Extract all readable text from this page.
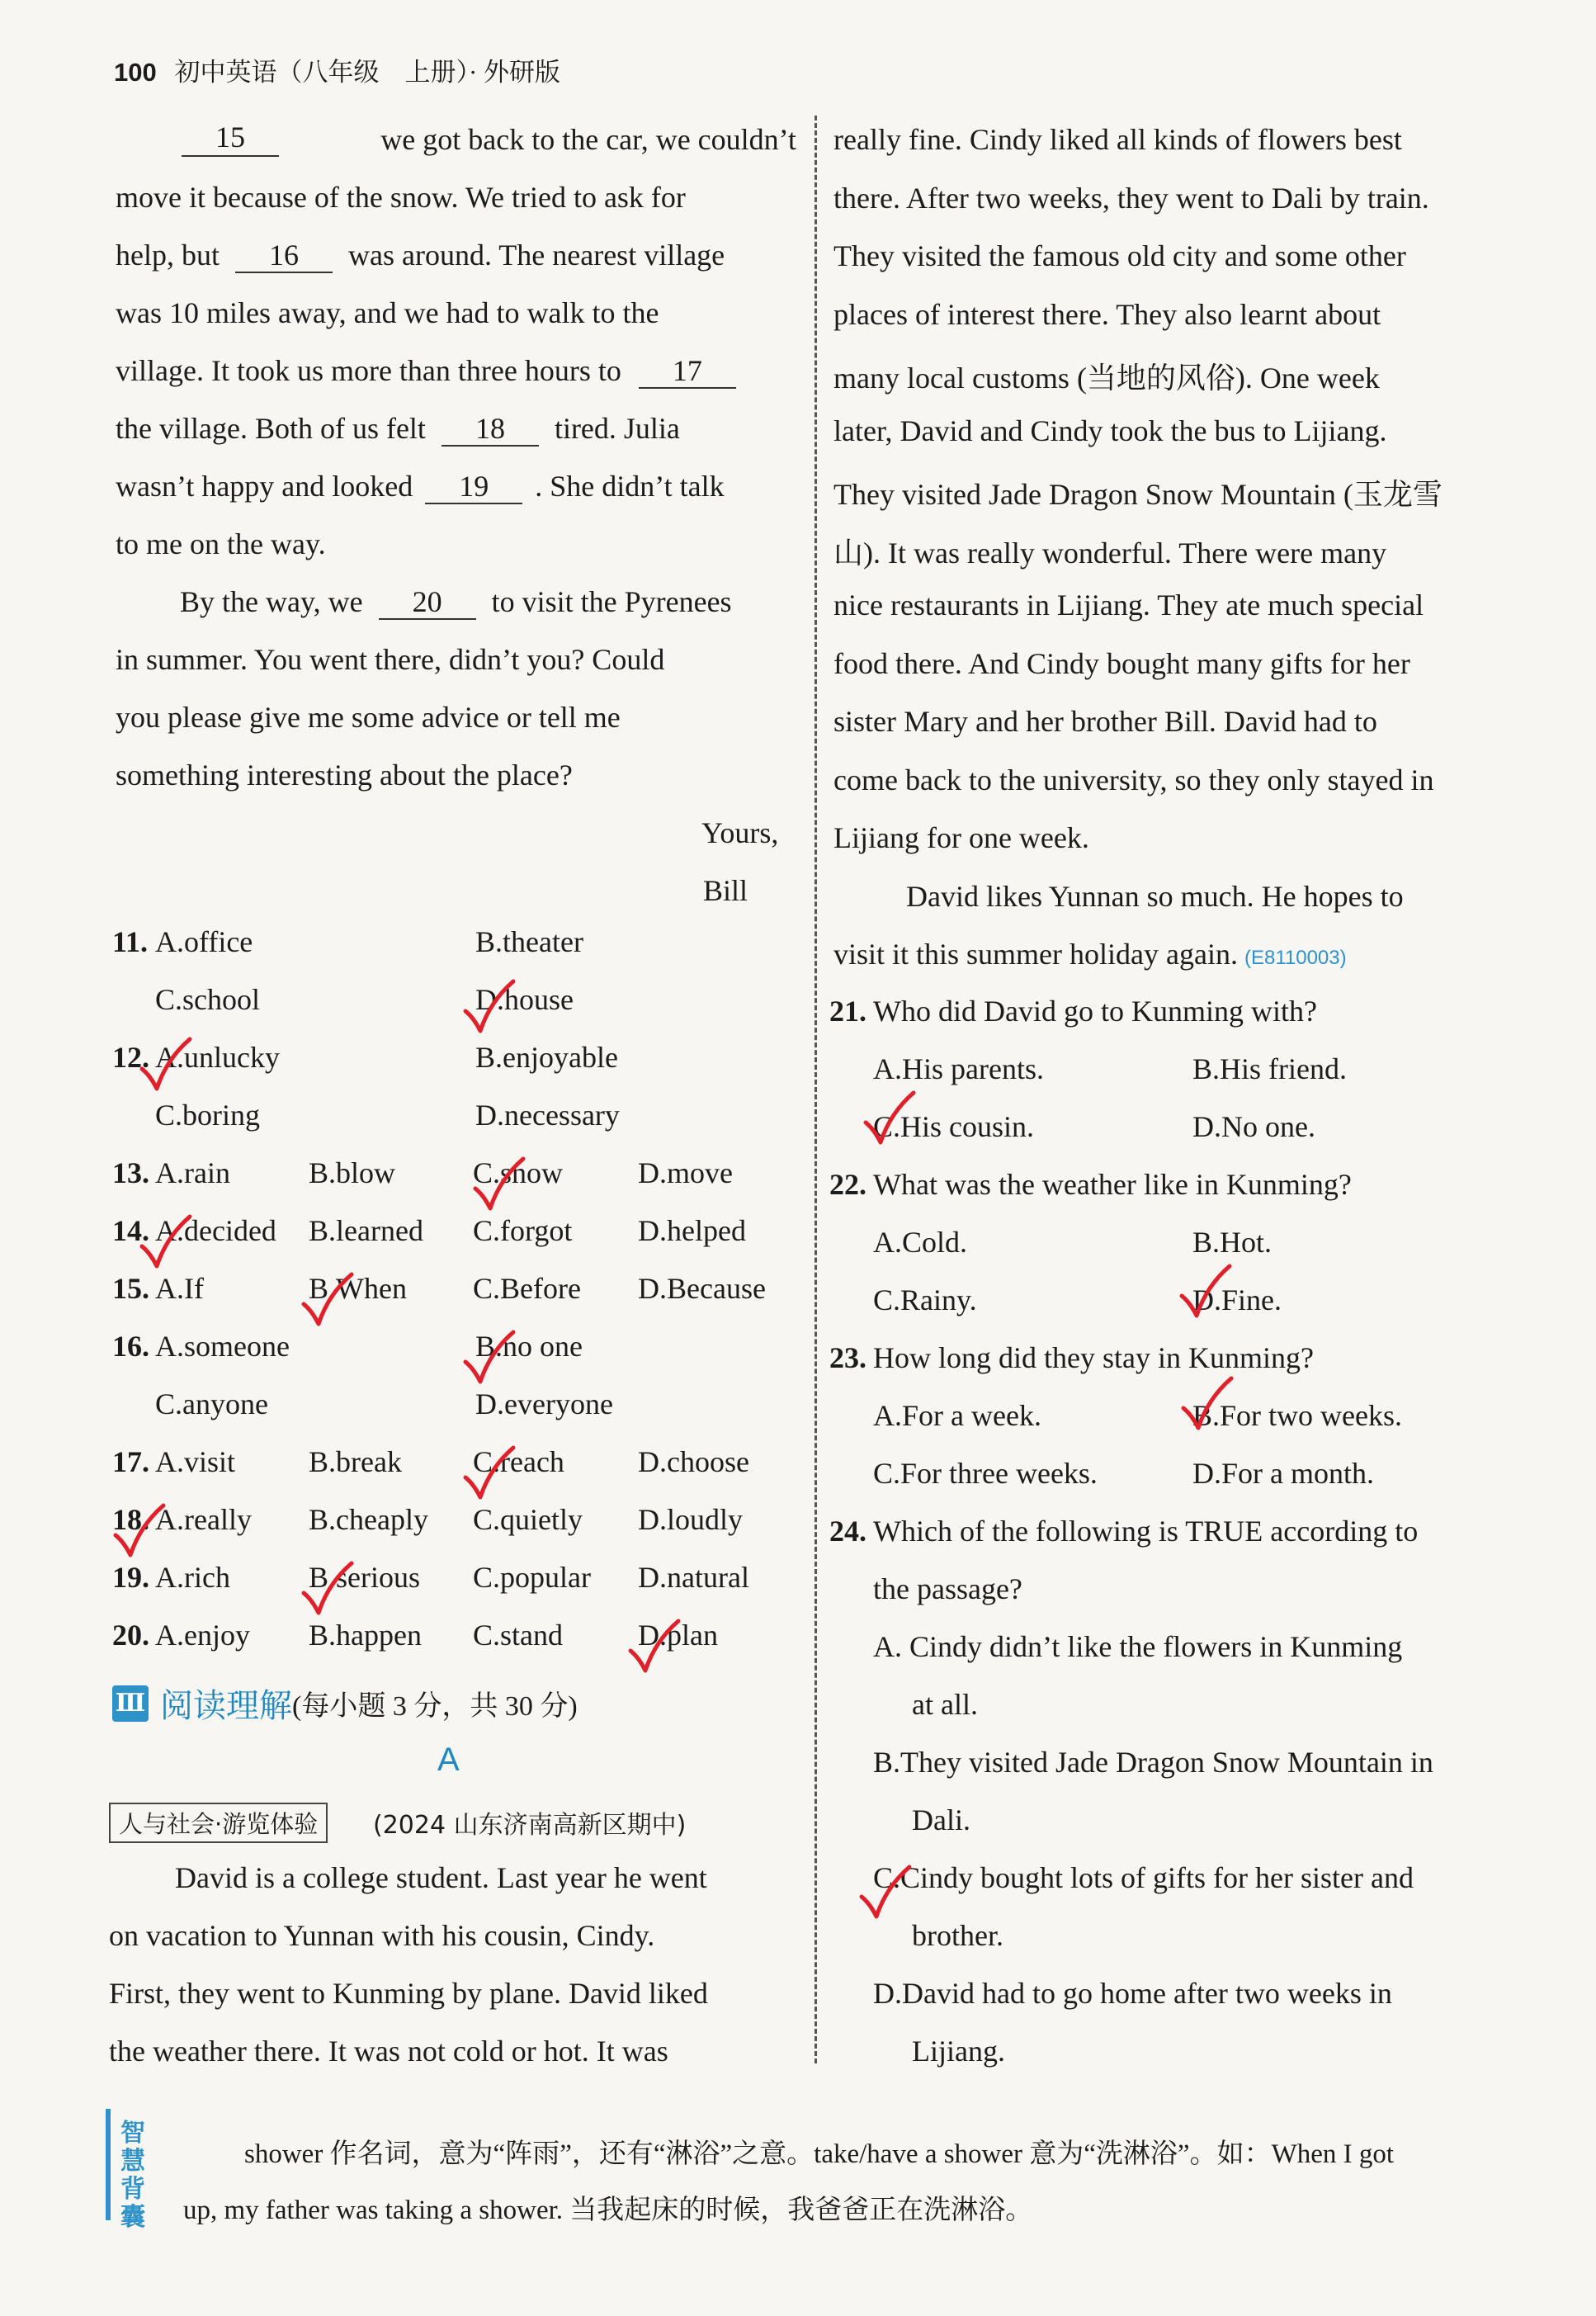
100 初中英语（八年级　上册）· 外研版
15	we got back to the car, we couldn’t
move it because of the snow. We tried to ask for
help, but 16 was around. The nearest village
was 10 miles away, and we had to walk to the
village. It took us more than three hours to 17
the village. Both of us felt 18 tired. Julia
wasn’t happy and looked 19 . She didn’t talk
to me on the way.
By the way, we 20 to visit the Pyrenees
in summer. You went there, didn’t you? Could
you please give me some advice or tell me
something interesting about the place?
Yours,
Bill
11. A.office	B.theater
C.school	D.house
12. A.unlucky	B.enjoyable
C.boring	D.necessary
13. A.rain	B.blow	C.snow	D.move
14. A.decided B.learned C.forgot D.helped
15. A.If	B.When C.Before D.Because
16. A.someone	B.no one
C.anyone	D.everyone
17. A.visit B.break C.reach D.choose
18. A.really B.cheaply C.quietly D.loudly
19. A.rich	B.serious C.popular D.natural
20. A.enjoy B.happen C.stand	D.plan
Ⅲ 阅读理解 (每小题 3 分，共 30 分)
A
人与社会·游览体验	(2024 山东济南高新区期中)
David is a college student. Last year he went
on vacation to Yunnan with his cousin, Cindy.
First, they went to Kunming by plane. David liked
the weather there. It was not cold or hot. It was
really fine. Cindy liked all kinds of flowers best
there. After two weeks, they went to Dali by train.
They visited the famous old city and some other
places of interest there. They also learnt about
many local customs (当地的风俗). One week
later, David and Cindy took the bus to Lijiang.
They visited Jade Dragon Snow Mountain (玉龙雪
山). It was really wonderful. There were many
nice restaurants in Lijiang. They ate much special
food there. And Cindy bought many gifts for her
sister Mary and her brother Bill. David had to
come back to the university, so they only stayed in
Lijiang for one week.
David likes Yunnan so much. He hopes to
visit it this summer holiday again. (E8110003)
21. Who did David go to Kunming with?
A.His parents.	B.His friend.
C.His cousin.	D.No one.
22. What was the weather like in Kunming?
A.Cold.	B.Hot.
C.Rainy.	D.Fine.
23. How long did they stay in Kunming?
A.For a week.	B.For two weeks.
C.For three weeks.	D.For a month.
24. Which of the following is TRUE according to
the passage?
A. Cindy didn’t like the flowers in Kunming
at all.
B.They visited Jade Dragon Snow Mountain in
Dali.
C.Cindy bought lots of gifts for her sister and
brother.
D.David had to go home after two weeks in
Lijiang.
智慧背囊
shower 作名词，意为“阵雨”，还有“淋浴”之意。take/have a shower 意为“洗淋浴”。如：When I got
up, my father was taking a shower. 当我起床的时候，我爸爸正在洗淋浴。
